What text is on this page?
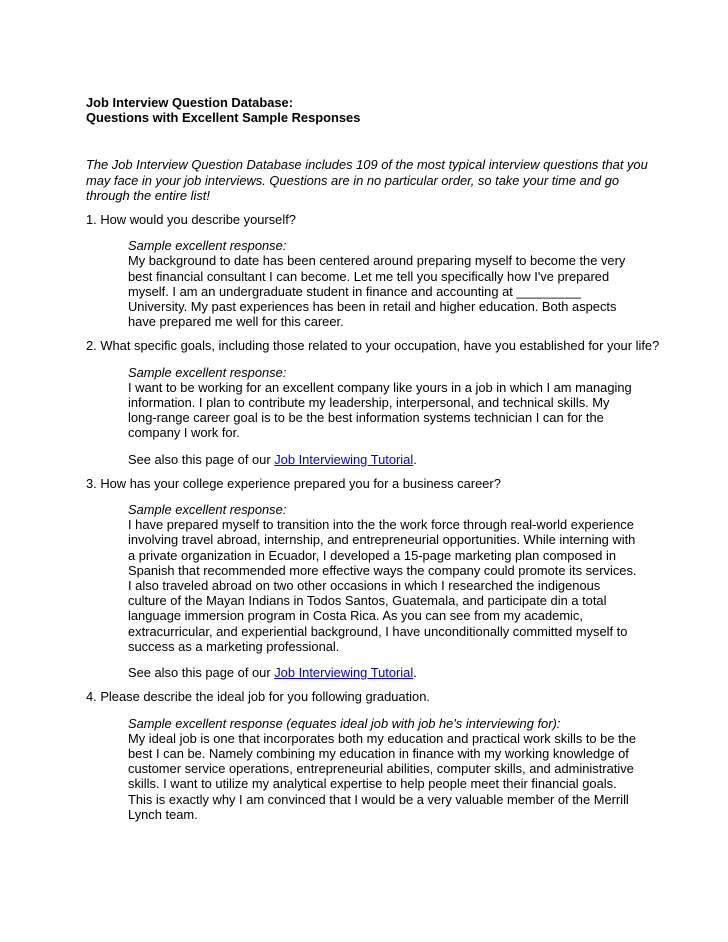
Job Interview Question Database:

Questions with Excellent Sample Responses

The Job Interview Question Database includes 109 of the most typical interview questions that you may face in your job interviews. Questions are in no particular order, so take your time and go through the entire list!

1. How would you describe yourself?

Sample excellent response:

My background to date has been centered around preparing myself to become the very best financial consultant I can become. Let me tell you specifically how I've prepared myself. I am an undergraduate student in finance and accounting at _________ University. My past experiences has been in retail and higher education. Both aspects have prepared me well for this career.

2. What specific goals, including those related to your occupation, have you established for your life?

Sample excellent response:

I want to be working for an excellent company like yours in a job in which I am managing information. I plan to contribute my leadership, interpersonal, and technical skills. My long-range career goal is to be the best information systems technician I can for the company I work for.

See also this page of our Job Interviewing Tutorial.

3. How has your college experience prepared you for a business career?

Sample excellent response:

I have prepared myself to transition into the the work force through real-world experience involving travel abroad, internship, and entrepreneurial opportunities. While interning with a private organization in Ecuador, I developed a 15-page marketing plan composed in Spanish that recommended more effective ways the company could promote its services. I also traveled abroad on two other occasions in which I researched the indigenous culture of the Mayan Indians in Todos Santos, Guatemala, and participate din a total language immersion program in Costa Rica. As you can see from my academic, extracurricular, and experiential background, I have unconditionally committed myself to success as a marketing professional.

See also this page of our Job Interviewing Tutorial.

4. Please describe the ideal job for you following graduation.

Sample excellent response (equates ideal job with job he's interviewing for):

My ideal job is one that incorporates both my education and practical work skills to be the best I can be. Namely combining my education in finance with my working knowledge of customer service operations, entrepreneurial abilities, computer skills, and administrative skills. I want to utilize my analytical expertise to help people meet their financial goals. This is exactly why I am convinced that I would be a very valuable member of the Merrill Lynch team.
